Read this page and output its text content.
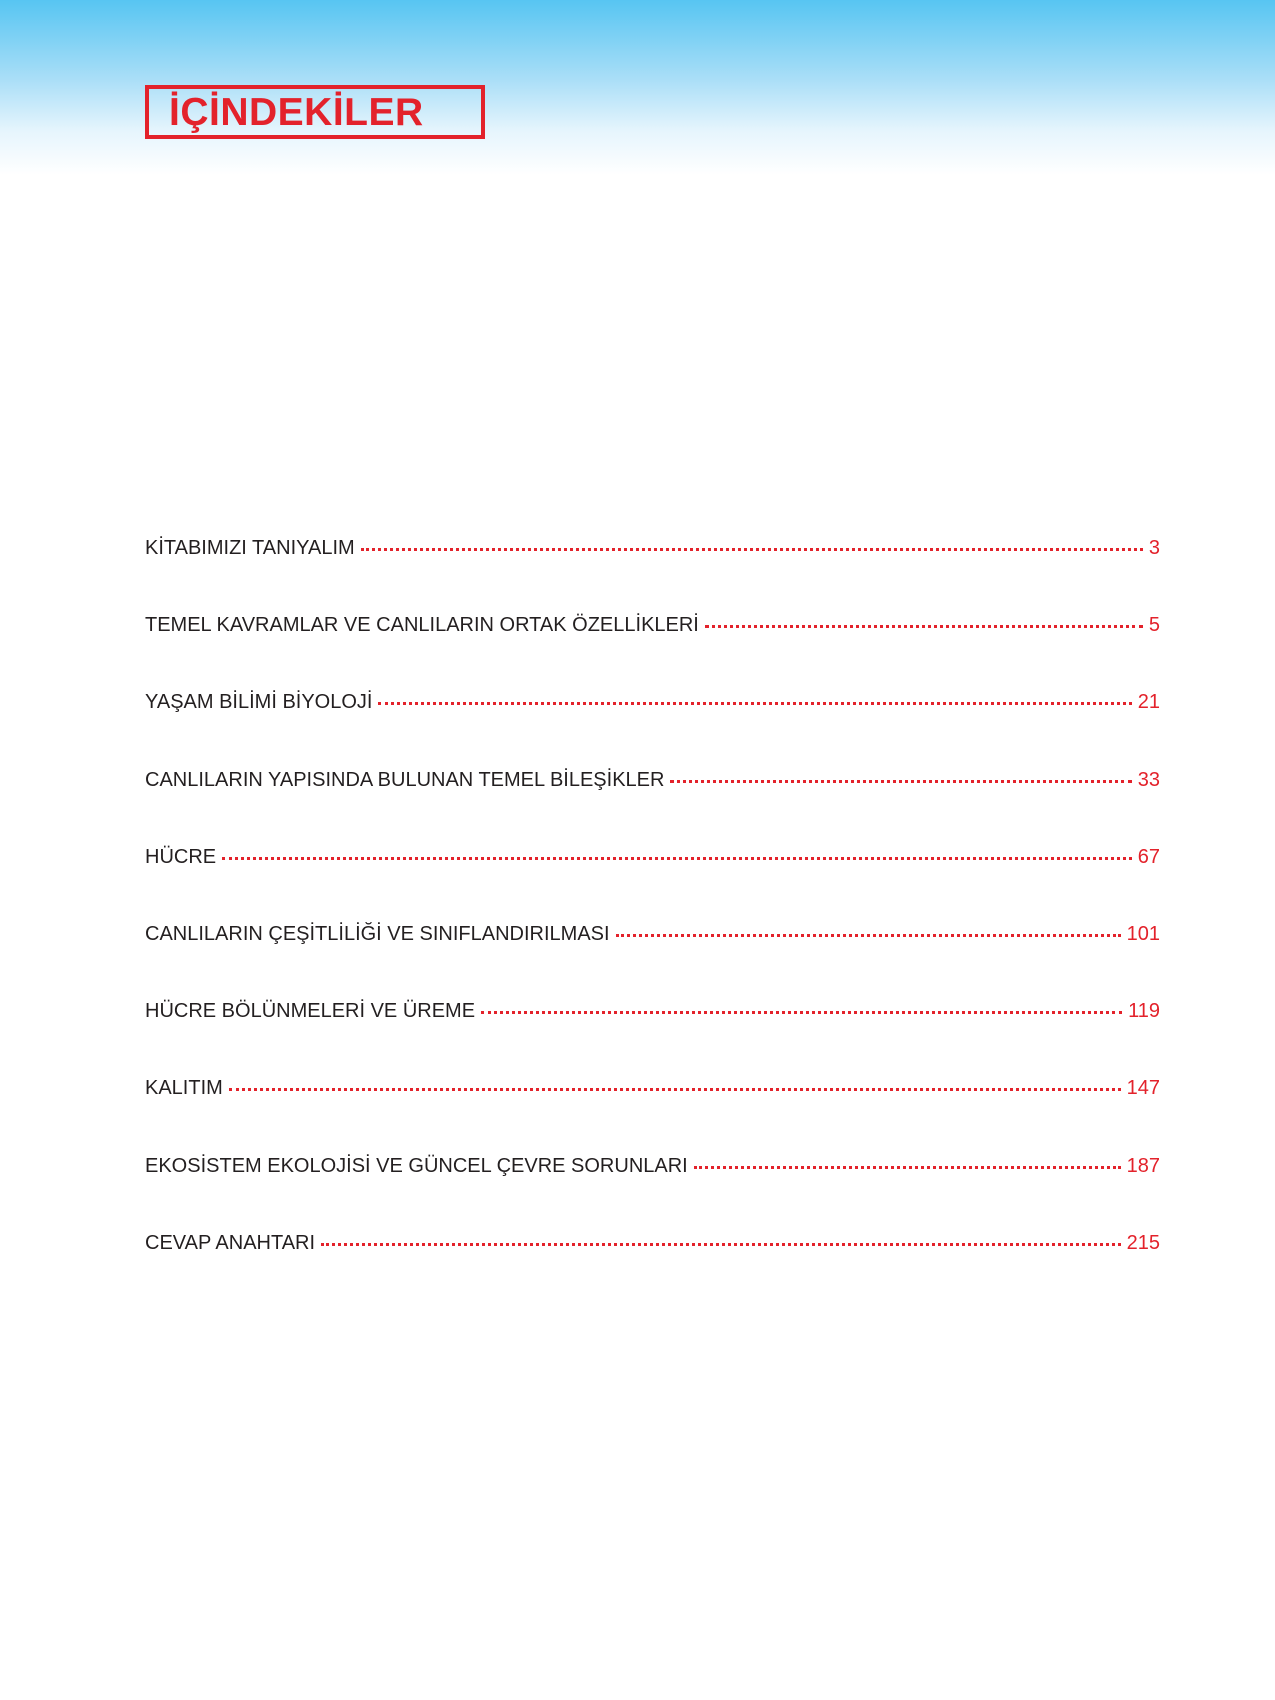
İÇİNDEKİLER
KİTABIMIZI TANIYALIM	3
TEMEL KAVRAMLAR VE CANLILARIN ORTAK ÖZELLİKLERİ	5
YAŞAM BİLİMİ BİYOLOJİ	21
CANLILARIN YAPISINDA BULUNAN TEMEL BİLEŞİKLER	33
HÜCRE	67
CANLILARIN ÇEŞİTLİLİĞİ VE SINIFLANDIRILMASI	101
HÜCRE BÖLÜNMELERİ VE ÜREME	119
KALITIM	147
EKOSİSTEM EKOLOJİSİ VE GÜNCEL ÇEVRE SORUNLARI	187
CEVAP ANAHTARI	215
